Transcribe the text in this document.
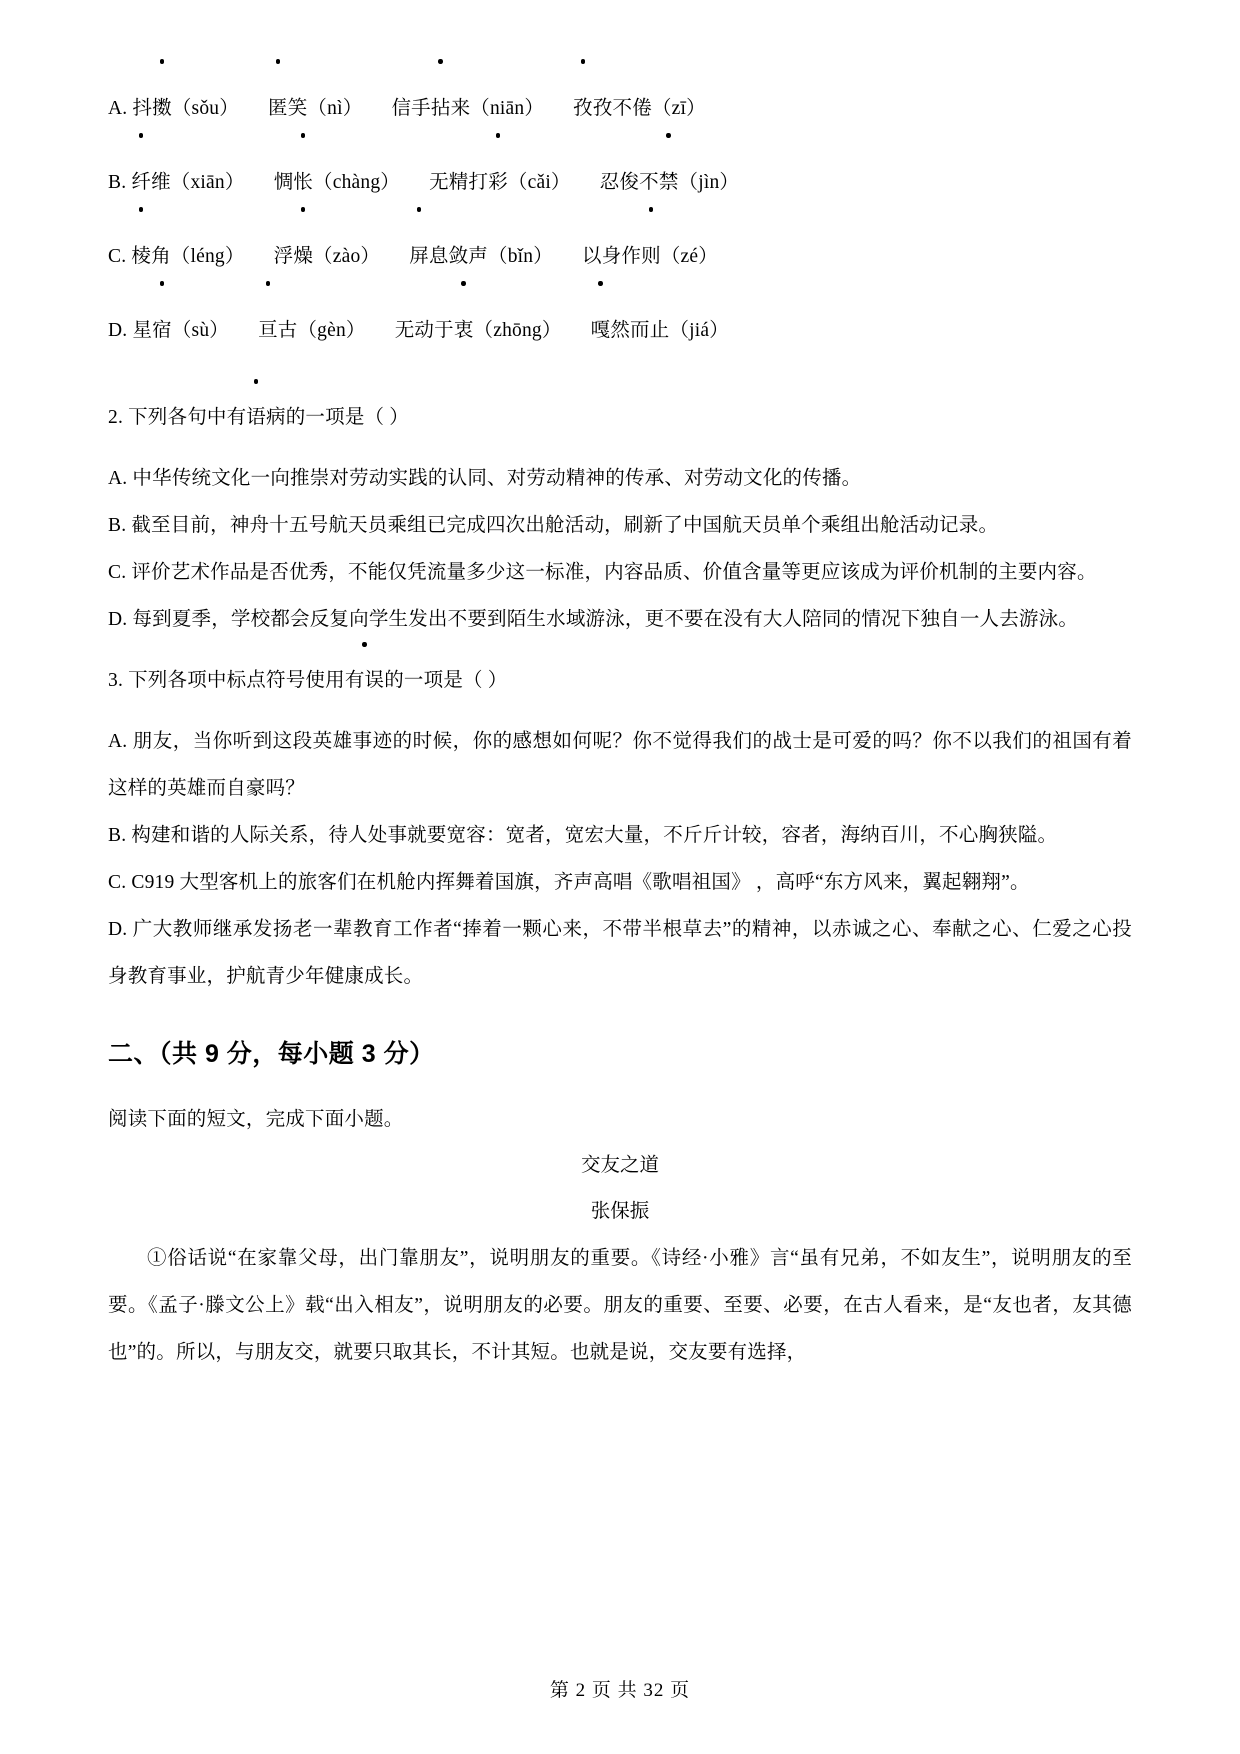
A. 抖擞（sǒu） 匿笑（nì） 信手拈来（niān） 孜孜不倦（zī）
B. 纤维（xiān） 惆怅（chàng） 无精打彩（cǎi） 忍俊不禁（jìn）
C. 棱角（léng） 浮燥（zào） 屏息敛声（bǐn） 以身作则（zé）
D. 星宿（sù） 亘古（gèn） 无动于衷（zhōng） 嘎然而止（jiá）
2. 下列各句中有语病的一项是（ ）
A. 中华传统文化一向推崇对劳动实践的认同、对劳动精神的传承、对劳动文化的传播。
B. 截至目前，神舟十五号航天员乘组已完成四次出舱活动，刷新了中国航天员单个乘组出舱活动记录。
C. 评价艺术作品是否优秀，不能仅凭流量多少这一标准，内容品质、价值含量等更应该成为评价机制的主要内容。
D. 每到夏季，学校都会反复向学生发出不要到陌生水域游泳，更不要在没有大人陪同的情况下独自一人去游泳。
3. 下列各项中标点符号使用有误的一项是（ ）
A. 朋友，当你听到这段英雄事迹的时候，你的感想如何呢？你不觉得我们的战士是可爱的吗？你不以我们的祖国有着这样的英雄而自豪吗？
B. 构建和谐的人际关系，待人处事就要宽容：宽者，宽宏大量，不斤斤计较，容者，海纳百川，不心胸狭隘。
C. C919 大型客机上的旅客们在机舱内挥舞着国旗，齐声高唱《歌唱祖国》 ，高呼“东方风来，翼起翱翔”。
D. 广大教师继承发扬老一辈教育工作者“捧着一颗心来，不带半根草去”的精神，以赤诚之心、奉献之心、仁爱之心投身教育事业，护航青少年健康成长。
二、（共 9 分，每小题 3 分）
阅读下面的短文，完成下面小题。
交友之道
张保振
①俗话说“在家靠父母，出门靠朋友”，说明朋友的重要。《诗经·小雅》言“虽有兄弟，不如友生”，说明朋友的至要。《孟子·滕文公上》载“出入相友”，说明朋友的必要。朋友的重要、至要、必要，在古人看来，是“友也者，友其德也”的。所以，与朋友交，就要只取其长，不计其短。也就是说，交友要有选择，
第 2 页 共 32 页
